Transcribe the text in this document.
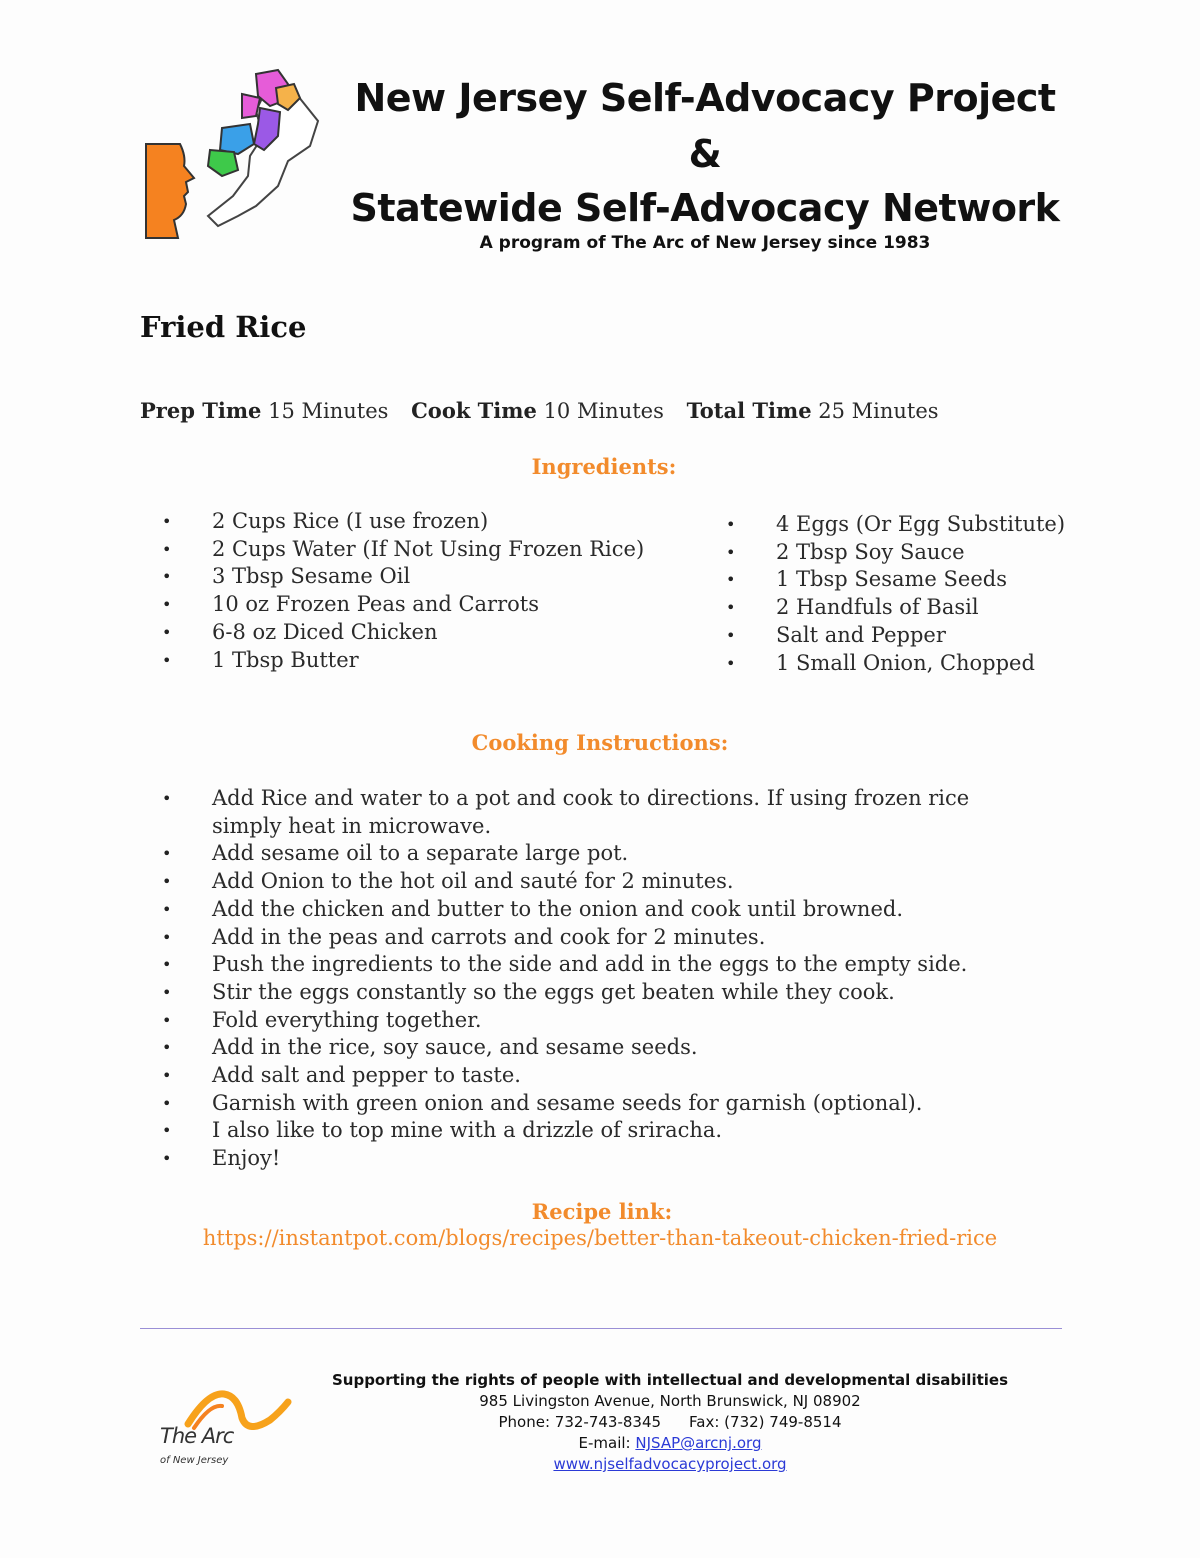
New Jersey Self-Advocacy Project
&
Statewide Self-Advocacy Network
A program of The Arc of New Jersey since 1983
Fried Rice
Prep Time 15 Minutes Cook Time 10 Minutes Total Time 25 Minutes
Ingredients:
• 2 Cups Rice (I use frozen)
• 2 Cups Water (If Not Using Frozen Rice)
• 3 Tbsp Sesame Oil
• 10 oz Frozen Peas and Carrots
• 6-8 oz Diced Chicken
• 1 Tbsp Butter
• 4 Eggs (Or Egg Substitute)
• 2 Tbsp Soy Sauce
• 1 Tbsp Sesame Seeds
• 2 Handfuls of Basil
• Salt and Pepper
• 1 Small Onion, Chopped
Cooking Instructions:
• Add Rice and water to a pot and cook to directions. If using frozen rice simply heat in microwave.
• Add sesame oil to a separate large pot.
• Add Onion to the hot oil and sauté for 2 minutes.
• Add the chicken and butter to the onion and cook until browned.
• Add in the peas and carrots and cook for 2 minutes.
• Push the ingredients to the side and add in the eggs to the empty side.
• Stir the eggs constantly so the eggs get beaten while they cook.
• Fold everything together.
• Add in the rice, soy sauce, and sesame seeds.
• Add salt and pepper to taste.
• Garnish with green onion and sesame seeds for garnish (optional).
• I also like to top mine with a drizzle of sriracha.
• Enjoy!
Recipe link:
https://instantpot.com/blogs/recipes/better-than-takeout-chicken-fried-rice
The Arc
of New Jersey
Supporting the rights of people with intellectual and developmental disabilities
985 Livingston Avenue, North Brunswick, NJ 08902
Phone: 732-743-8345 Fax: (732) 749-8514
E-mail: NJSAP@arcnj.org
www.njselfadvocacyproject.org
